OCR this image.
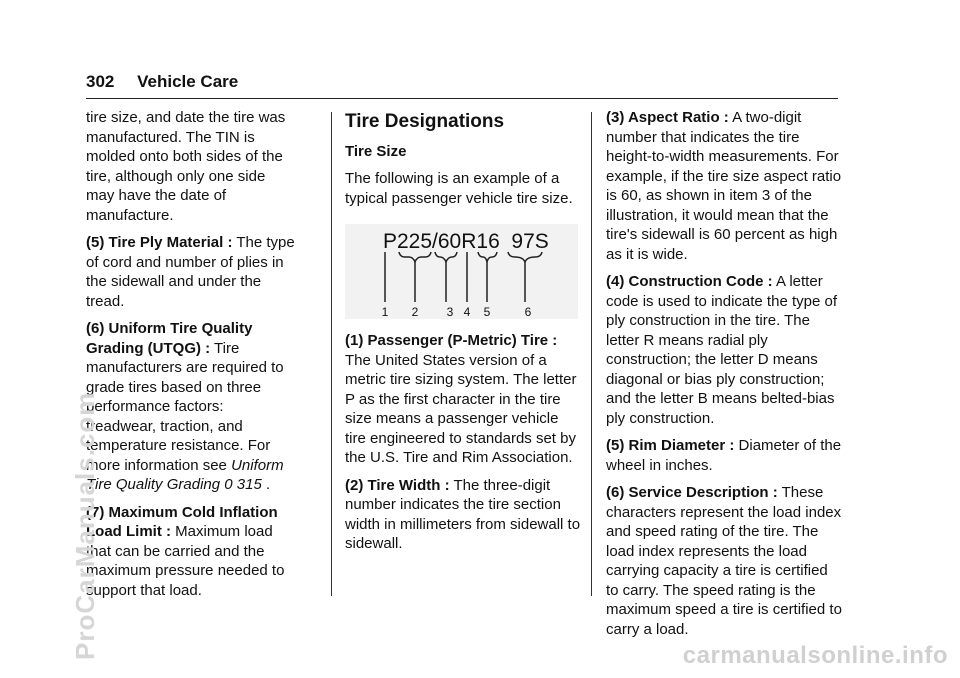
302 Vehicle Care

tire size, and date the tire was manufactured. The TIN is molded onto both sides of the tire, although only one side may have the date of manufacture.

(5) Tire Ply Material : The type of cord and number of plies in the sidewall and under the tread.

(6) Uniform Tire Quality Grading (UTQG) : Tire manufacturers are required to grade tires based on three performance factors: treadwear, traction, and temperature resistance. For more information see Uniform Tire Quality Grading 0 315 .

(7) Maximum Cold Inflation Load Limit : Maximum load that can be carried and the maximum pressure needed to support that load.

Tire Designations
Tire Size

The following is an example of a typical passenger vehicle tire size.

P225/60R16  97S
1 2 3 4 5	6

(1) Passenger (P-Metric) Tire : The United States version of a metric tire sizing system. The letter P as the first character in the tire size means a passenger vehicle tire engineered to standards set by the U.S. Tire and Rim Association.

(2) Tire Width : The three-digit number indicates the tire section width in millimeters from sidewall to sidewall.

(3) Aspect Ratio : A two-digit number that indicates the tire height-to-width measurements. For example, if the tire size aspect ratio is 60, as shown in item 3 of the illustration, it would mean that the tire's sidewall is 60 percent as high as it is wide.

(4) Construction Code : A letter code is used to indicate the type of ply construction in the tire. The letter R means radial ply construction; the letter D means diagonal or bias ply construction; and the letter B means belted-bias ply construction.

(5) Rim Diameter : Diameter of the wheel in inches.

(6) Service Description : These characters represent the load index and speed rating of the tire. The load index represents the load carrying capacity a tire is certified to carry. The speed rating is the maximum speed a tire is certified to carry a load.

ProCarManuals.com	carmanualsonline.info
